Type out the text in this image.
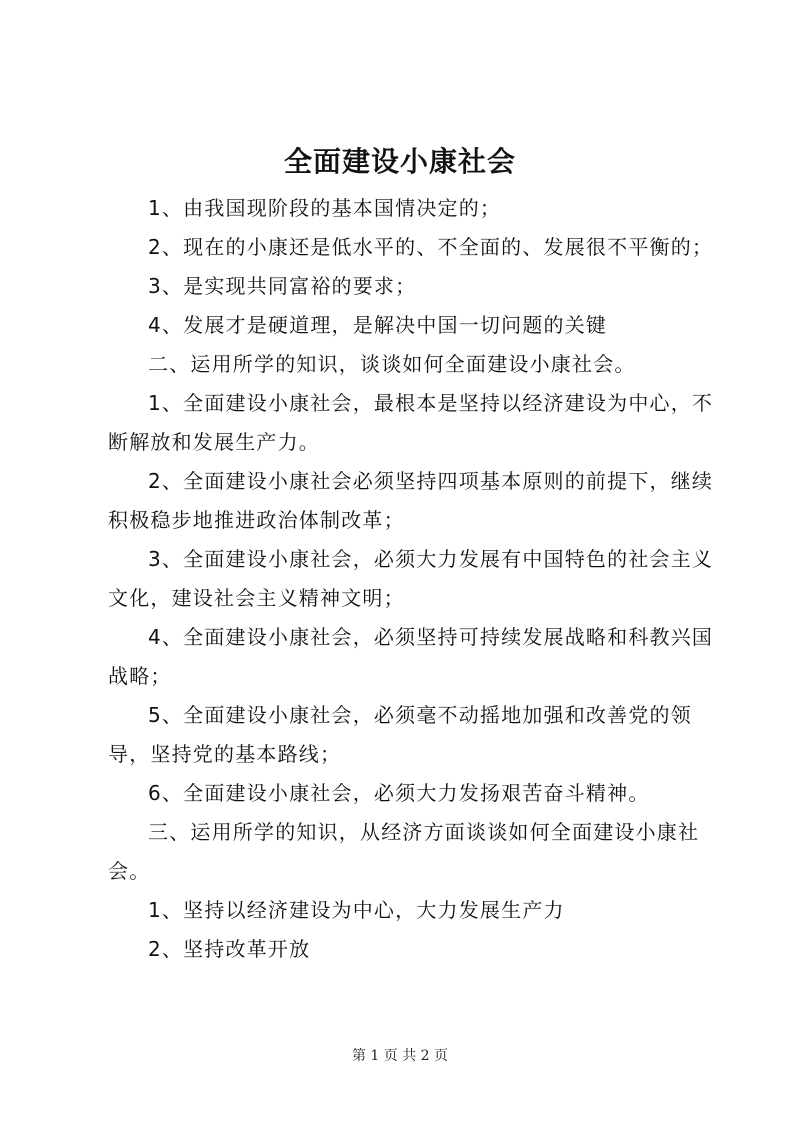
全面建设小康社会

1、由我国现阶段的基本国情决定的；

2、现在的小康还是低水平的、不全面的、发展很不平衡的；

3、是实现共同富裕的要求；

4、发展才是硬道理，是解决中国一切问题的关键

二、运用所学的知识，谈谈如何全面建设小康社会。

1、全面建设小康社会，最根本是坚持以经济建设为中心，不断解放和发展生产力。

2、全面建设小康社会必须坚持四项基本原则的前提下，继续积极稳步地推进政治体制改革；

3、全面建设小康社会，必须大力发展有中国特色的社会主义文化，建设社会主义精神文明；

4、全面建设小康社会，必须坚持可持续发展战略和科教兴国战略；

5、全面建设小康社会，必须毫不动摇地加强和改善党的领导，坚持党的基本路线；

6、全面建设小康社会，必须大力发扬艰苦奋斗精神。

三、运用所学的知识，从经济方面谈谈如何全面建设小康社会。

1、坚持以经济建设为中心，大力发展生产力

2、坚持改革开放

第 1 页 共 2 页
